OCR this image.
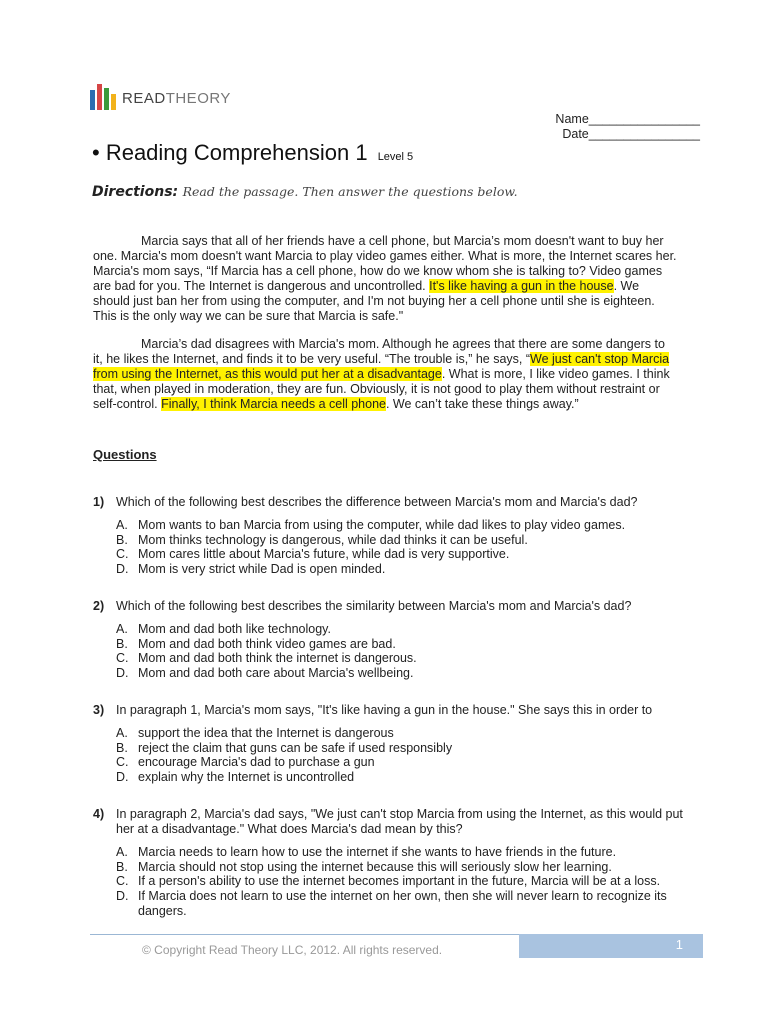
READTHEORY
Name________________
Date________________
• Reading Comprehension 1 Level 5
Directions: Read the passage. Then answer the questions below.

Marcia says that all of her friends have a cell phone, but Marcia’s mom doesn't want to buy her one. Marcia's mom doesn't want Marcia to play video games either. What is more, the Internet scares her. Marcia's mom says, “If Marcia has a cell phone, how do we know whom she is talking to? Video games are bad for you. The Internet is dangerous and uncontrolled. It's like having a gun in the house. We should just ban her from using the computer, and I'm not buying her a cell phone until she is eighteen. This is the only way we can be sure that Marcia is safe."

Marcia’s dad disagrees with Marcia's mom. Although he agrees that there are some dangers to it, he likes the Internet, and finds it to be very useful. “The trouble is,” he says, “We just can't stop Marcia from using the Internet, as this would put her at a disadvantage. What is more, I like video games. I think that, when played in moderation, they are fun. Obviously, it is not good to play them without restraint or self-control. Finally, I think Marcia needs a cell phone. We can’t take these things away.”

Questions
1) Which of the following best describes the difference between Marcia's mom and Marcia's dad?
A. Mom wants to ban Marcia from using the computer, while dad likes to play video games.
B. Mom thinks technology is dangerous, while dad thinks it can be useful.
C. Mom cares little about Marcia's future, while dad is very supportive.
D. Mom is very strict while Dad is open minded.
2) Which of the following best describes the similarity between Marcia's mom and Marcia's dad?
A. Mom and dad both like technology.
B. Mom and dad both think video games are bad.
C. Mom and dad both think the internet is dangerous.
D. Mom and dad both care about Marcia's wellbeing.
3) In paragraph 1, Marcia's mom says, "It's like having a gun in the house." She says this in order to
A. support the idea that the Internet is dangerous
B. reject the claim that guns can be safe if used responsibly
C. encourage Marcia's dad to purchase a gun
D. explain why the Internet is uncontrolled
4) In paragraph 2, Marcia's dad says, "We just can't stop Marcia from using the Internet, as this would put her at a disadvantage." What does Marcia's dad mean by this?
A. Marcia needs to learn how to use the internet if she wants to have friends in the future.
B. Marcia should not stop using the internet because this will seriously slow her learning.
C. If a person's ability to use the internet becomes important in the future, Marcia will be at a loss.
D. If Marcia does not learn to use the internet on her own, then she will never learn to recognize its dangers.
© Copyright Read Theory LLC, 2012. All rights reserved.	1
